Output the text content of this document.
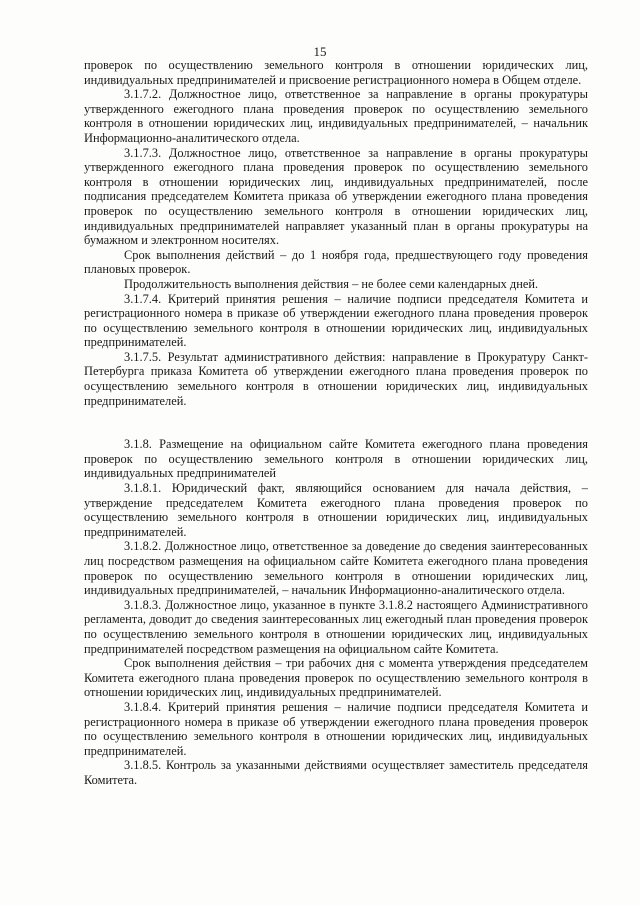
15

проверок по осуществлению земельного контроля в отношении юридических лиц, индивидуальных предпринимателей и присвоение регистрационного номера в Общем отделе.

3.1.7.2. Должностное лицо, ответственное за направление в органы прокуратуры утвержденного ежегодного плана проведения проверок по осуществлению земельного контроля в отношении юридических лиц, индивидуальных предпринимателей, – начальник Информационно-аналитического отдела.

3.1.7.3. Должностное лицо, ответственное за направление в органы прокуратуры утвержденного ежегодного плана проведения проверок по осуществлению земельного контроля в отношении юридических лиц, индивидуальных предпринимателей, после подписания председателем Комитета приказа об утверждении ежегодного плана проведения проверок по осуществлению земельного контроля в отношении юридических лиц, индивидуальных предпринимателей направляет указанный план в органы прокуратуры на бумажном и электронном носителях.

Срок выполнения действий – до 1 ноября года, предшествующего году проведения плановых проверок.

Продолжительность выполнения действия – не более семи календарных дней.

3.1.7.4. Критерий принятия решения – наличие подписи председателя Комитета и регистрационного номера в приказе об утверждении ежегодного плана проведения проверок по осуществлению земельного контроля в отношении юридических лиц, индивидуальных предпринимателей.

3.1.7.5. Результат административного действия: направление в Прокуратуру Санкт-Петербурга приказа Комитета об утверждении ежегодного плана проведения проверок по осуществлению земельного контроля в отношении юридических лиц, индивидуальных предпринимателей.

3.1.8. Размещение на официальном сайте Комитета ежегодного плана проведения проверок по осуществлению земельного контроля в отношении юридических лиц, индивидуальных предпринимателей

3.1.8.1. Юридический факт, являющийся основанием для начала действия, – утверждение председателем Комитета ежегодного плана проведения проверок по осуществлению земельного контроля в отношении юридических лиц, индивидуальных предпринимателей.

3.1.8.2. Должностное лицо, ответственное за доведение до сведения заинтересованных лиц посредством размещения на официальном сайте Комитета ежегодного плана проведения проверок по осуществлению земельного контроля в отношении юридических лиц, индивидуальных предпринимателей, – начальник Информационно-аналитического отдела.

3.1.8.3. Должностное лицо, указанное в пункте 3.1.8.2 настоящего Административного регламента, доводит до сведения заинтересованных лиц ежегодный план проведения проверок по осуществлению земельного контроля в отношении юридических лиц, индивидуальных предпринимателей посредством размещения на официальном сайте Комитета.

Срок выполнения действия – три рабочих дня с момента утверждения председателем Комитета ежегодного плана проведения проверок по осуществлению земельного контроля в отношении юридических лиц, индивидуальных предпринимателей.

3.1.8.4. Критерий принятия решения – наличие подписи председателя Комитета и регистрационного номера в приказе об утверждении ежегодного плана проведения проверок по осуществлению земельного контроля в отношении юридических лиц, индивидуальных предпринимателей.

3.1.8.5. Контроль за указанными действиями осуществляет заместитель председателя Комитета.
